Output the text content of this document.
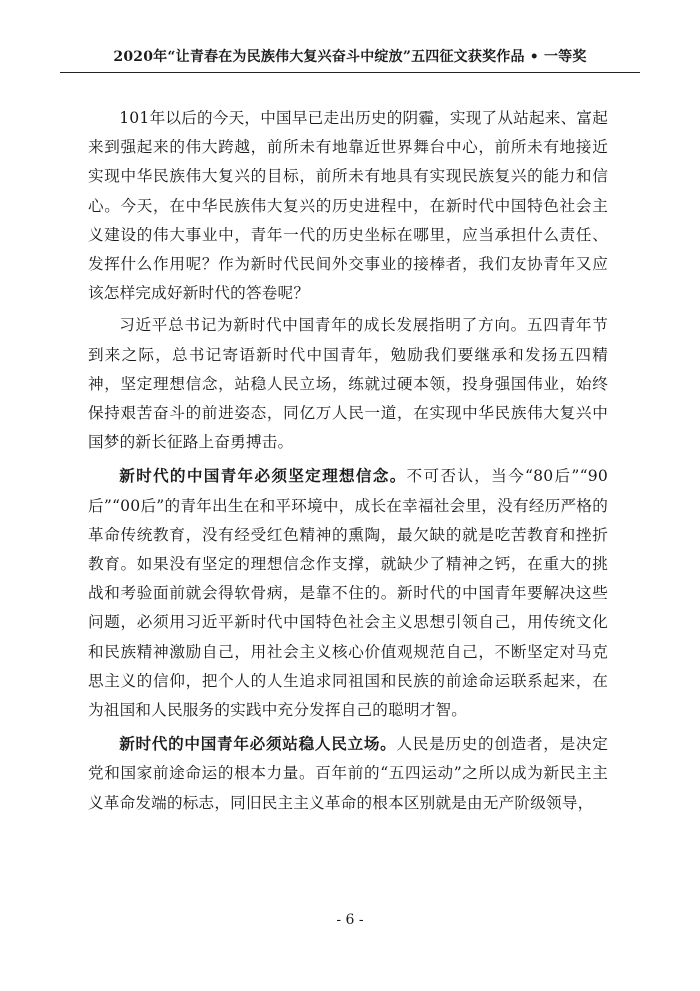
2020年“让青春在为民族伟大复兴奋斗中绽放”五四征文获奖作品 • 一等奖

101年以后的今天，中国早已走出历史的阴霾，实现了从站起来、富起来到强起来的伟大跨越，前所未有地靠近世界舞台中心，前所未有地接近实现中华民族伟大复兴的目标，前所未有地具有实现民族复兴的能力和信心。今天，在中华民族伟大复兴的历史进程中，在新时代中国特色社会主义建设的伟大事业中，青年一代的历史坐标在哪里，应当承担什么责任、发挥什么作用呢？作为新时代民间外交事业的接棒者，我们友协青年又应该怎样完成好新时代的答卷呢？

习近平总书记为新时代中国青年的成长发展指明了方向。五四青年节到来之际，总书记寄语新时代中国青年，勉励我们要继承和发扬五四精神，坚定理想信念，站稳人民立场，练就过硬本领，投身强国伟业，始终保持艰苦奋斗的前进姿态，同亿万人民一道，在实现中华民族伟大复兴中国梦的新长征路上奋勇搏击。

新时代的中国青年必须坚定理想信念。不可否认，当今“80后”“90后”“00后”的青年出生在和平环境中，成长在幸福社会里，没有经历严格的革命传统教育，没有经受红色精神的熏陶，最欠缺的就是吃苦教育和挫折教育。如果没有坚定的理想信念作支撑，就缺少了精神之钙，在重大的挑战和考验面前就会得软骨病，是靠不住的。新时代的中国青年要解决这些问题，必须用习近平新时代中国特色社会主义思想引领自己，用传统文化和民族精神激励自己，用社会主义核心价值观规范自己，不断坚定对马克思主义的信仰，把个人的人生追求同祖国和民族的前途命运联系起来，在为祖国和人民服务的实践中充分发挥自己的聪明才智。

新时代的中国青年必须站稳人民立场。人民是历史的创造者，是决定党和国家前途命运的根本力量。百年前的“五四运动”之所以成为新民主主义革命发端的标志，同旧民主主义革命的根本区别就是由无产阶级领导，

- 6 -
